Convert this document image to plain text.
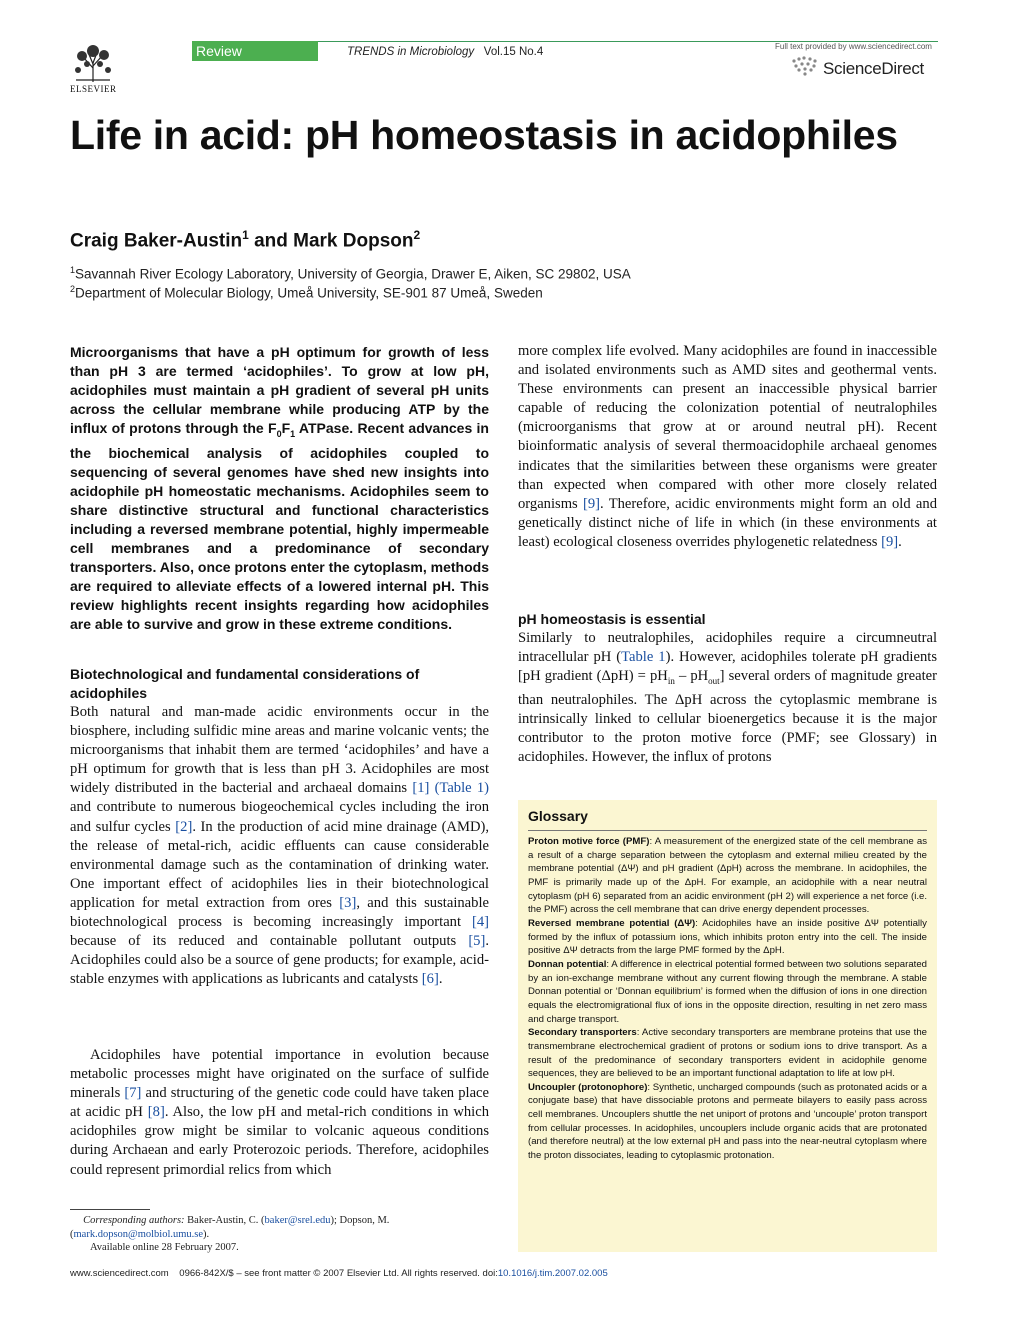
ELSEVIER
Review	TRENDS in Microbiology Vol.15 No.4	Full text provided by www.sciencedirect.com
ScienceDirect
Life in acid: pH homeostasis in acidophiles
Craig Baker-Austin$^1$ and Mark Dopson$^2$
$^1$Savannah River Ecology Laboratory, University of Georgia, Drawer E, Aiken, SC 29802, USA
$^2$Department of Molecular Biology, Umeå University, SE-901 87 Umeå, Sweden

Microorganisms that have a pH optimum for growth of less than pH 3 are termed ‘acidophiles’. To grow at low pH, acidophiles must maintain a pH gradient of several pH units across the cellular membrane while producing ATP by the influx of protons through the $F_0F_1$ ATPase. Recent advances in the biochemical analysis of acidophiles coupled to sequencing of several genomes have shed new insights into acidophile pH homeostatic mechanisms. Acidophiles seem to share distinctive structural and functional characteristics including a reversed membrane potential, highly impermeable cell membranes and a predominance of secondary transporters. Also, once protons enter the cytoplasm, methods are required to alleviate effects of a lowered internal pH. This review highlights recent insights regarding how acidophiles are able to survive and grow in these extreme conditions.

Biotechnological and fundamental considerations of acidophiles

Both natural and man-made acidic environments occur in the biosphere, including sulfidic mine areas and marine volcanic vents; the microorganisms that inhabit them are termed ‘acidophiles’ and have a pH optimum for growth that is less than pH 3. Acidophiles are most widely distributed in the bacterial and archaeal domains [1] (Table 1) and contribute to numerous biogeochemical cycles including the iron and sulfur cycles [2]. In the production of acid mine drainage (AMD), the release of metal-rich, acidic effluents can cause considerable environmental damage such as the contamination of drinking water. One important effect of acidophiles lies in their biotechnological application for metal extraction from ores [3], and this sustainable biotechnological process is becoming increasingly important [4] because of its reduced and containable pollutant outputs [5]. Acidophiles could also be a source of gene products; for example, acid-stable enzymes with applications as lubricants and catalysts [6].

Acidophiles have potential importance in evolution because metabolic processes might have originated on the surface of sulfide minerals [7] and structuring of the genetic code could have taken place at acidic pH [8]. Also, the low pH and metal-rich conditions in which acidophiles grow might be similar to volcanic aqueous conditions during Archaean and early Proterozoic periods. Therefore, acidophiles could represent primordial relics from which

more complex life evolved. Many acidophiles are found in inaccessible and isolated environments such as AMD sites and geothermal vents. These environments can present an inaccessible physical barrier capable of reducing the colonization potential of neutralophiles (microorganisms that grow at or around neutral pH). Recent bioinformatic analysis of several thermoacidophile archaeal genomes indicates that the similarities between these organisms were greater than expected when compared with other more closely related organisms [9]. Therefore, acidic environments might form an old and genetically distinct niche of life in which (in these environments at least) ecological closeness overrides phylogenetic relatedness [9].

pH homeostasis is essential

Similarly to neutralophiles, acidophiles require a circumneutral intracellular pH (Table 1). However, acidophiles tolerate pH gradients [pH gradient $(\Delta pH) = pH_{in} - pH_{out}$] several orders of magnitude greater than neutralophiles. The ΔpH across the cytoplasmic membrane is intrinsically linked to cellular bioenergetics because it is the major contributor to the proton motive force (PMF; see Glossary) in acidophiles. However, the influx of protons

Glossary

Proton motive force (PMF): A measurement of the energized state of the cell membrane as a result of a charge separation between the cytoplasm and external milieu created by the membrane potential (ΔΨ) and pH gradient (ΔpH) across the membrane. In acidophiles, the PMF is primarily made up of the ΔpH. For example, an acidophile with a near neutral cytoplasm (pH 6) separated from an acidic environment (pH 2) will experience a net force (i.e. the PMF) across the cell membrane that can drive energy dependent processes.

Reversed membrane potential (ΔΨ): Acidophiles have an inside positive ΔΨ potentially formed by the influx of potassium ions, which inhibits proton entry into the cell. The inside positive ΔΨ detracts from the large PMF formed by the ΔpH.

Donnan potential: A difference in electrical potential formed between two solutions separated by an ion-exchange membrane without any current flowing through the membrane. A stable Donnan potential or ‘Donnan equilibrium’ is formed when the diffusion of ions in one direction equals the electromigrational flux of ions in the opposite direction, resulting in net zero mass and charge transport.

Secondary transporters: Active secondary transporters are membrane proteins that use the transmembrane electrochemical gradient of protons or sodium ions to drive transport. As a result of the predominance of secondary transporters evident in acidophile genome sequences, they are believed to be an important functional adaptation to life at low pH.

Uncoupler (protonophore): Synthetic, uncharged compounds (such as protonated acids or a conjugate base) that have dissociable protons and permeate bilayers to easily pass across cell membranes. Uncouplers shuttle the net uniport of protons and ‘uncouple’ proton transport from cellular processes. In acidophiles, uncouplers include organic acids that are protonated (and therefore neutral) at the low external pH and pass into the near-neutral cytoplasm where the proton dissociates, leading to cytoplasmic protonation.

Corresponding authors: Baker-Austin, C. (baker@srel.edu); Dopson, M. (mark.dopson@molbiol.umu.se).

Available online 28 February 2007.
www.sciencedirect.com 0966-842X/$ – see front matter © 2007 Elsevier Ltd. All rights reserved. doi:10.1016/j.tim.2007.02.005
